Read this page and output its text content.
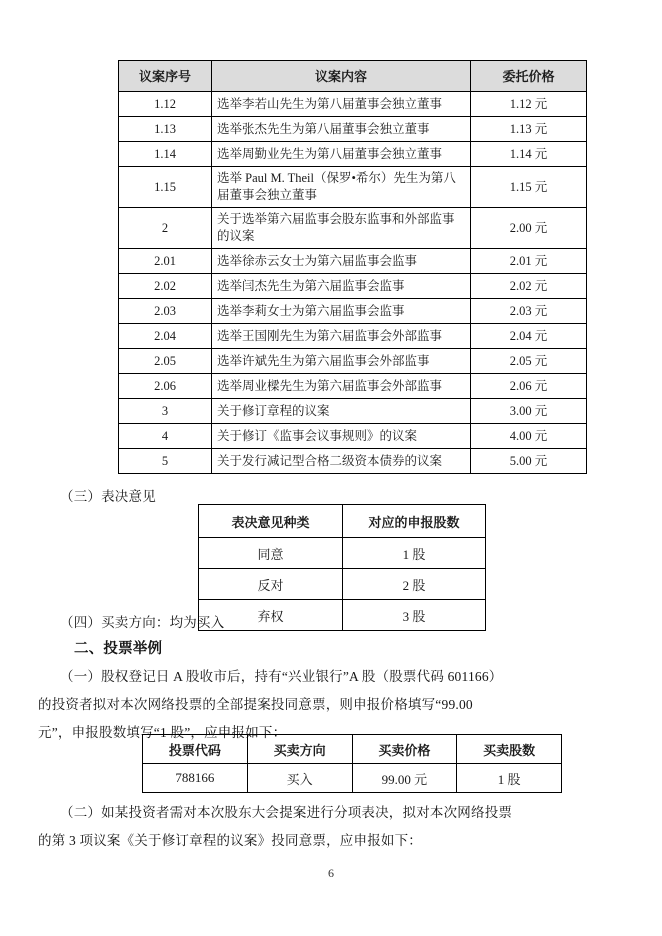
议案序号	议案内容	委托价格
1.12	选举李若山先生为第八届董事会独立董事	1.12 元
1.13	选举张杰先生为第八届董事会独立董事	1.13 元
1.14	选举周勤业先生为第八届董事会独立董事	1.14 元
1.15	选举 Paul M. Theil（保罗•希尔）先生为第八届董事会独立董事	1.15 元
2	关于选举第六届监事会股东监事和外部监事的议案	2.00 元
2.01	选举徐赤云女士为第六届监事会监事	2.01 元
2.02	选举闫杰先生为第六届监事会监事	2.02 元
2.03	选举李莉女士为第六届监事会监事	2.03 元
2.04	选举王国刚先生为第六届监事会外部监事	2.04 元
2.05	选举许斌先生为第六届监事会外部监事	2.05 元
2.06	选举周业樑先生为第六届监事会外部监事	2.06 元
3	关于修订章程的议案	3.00 元
4	关于修订《监事会议事规则》的议案	4.00 元
5	关于发行减记型合格二级资本债券的议案	5.00 元
（三）表决意见
表决意见种类	对应的申报股数
同意	1 股
反对	2 股
弃权	3 股
（四）买卖方向：均为买入
二、投票举例
（一）股权登记日 A 股收市后，持有“兴业银行”A 股（股票代码 601166）
的投资者拟对本次网络投票的全部提案投同意票，则申报价格填写“99.00
元”，申报股数填写“1 股”，应申报如下：
投票代码	买卖方向	买卖价格	买卖股数
788166	买入	99.00 元	1 股
（二）如某投资者需对本次股东大会提案进行分项表决，拟对本次网络投票
的第 3 项议案《关于修订章程的议案》投同意票，应申报如下：
6
